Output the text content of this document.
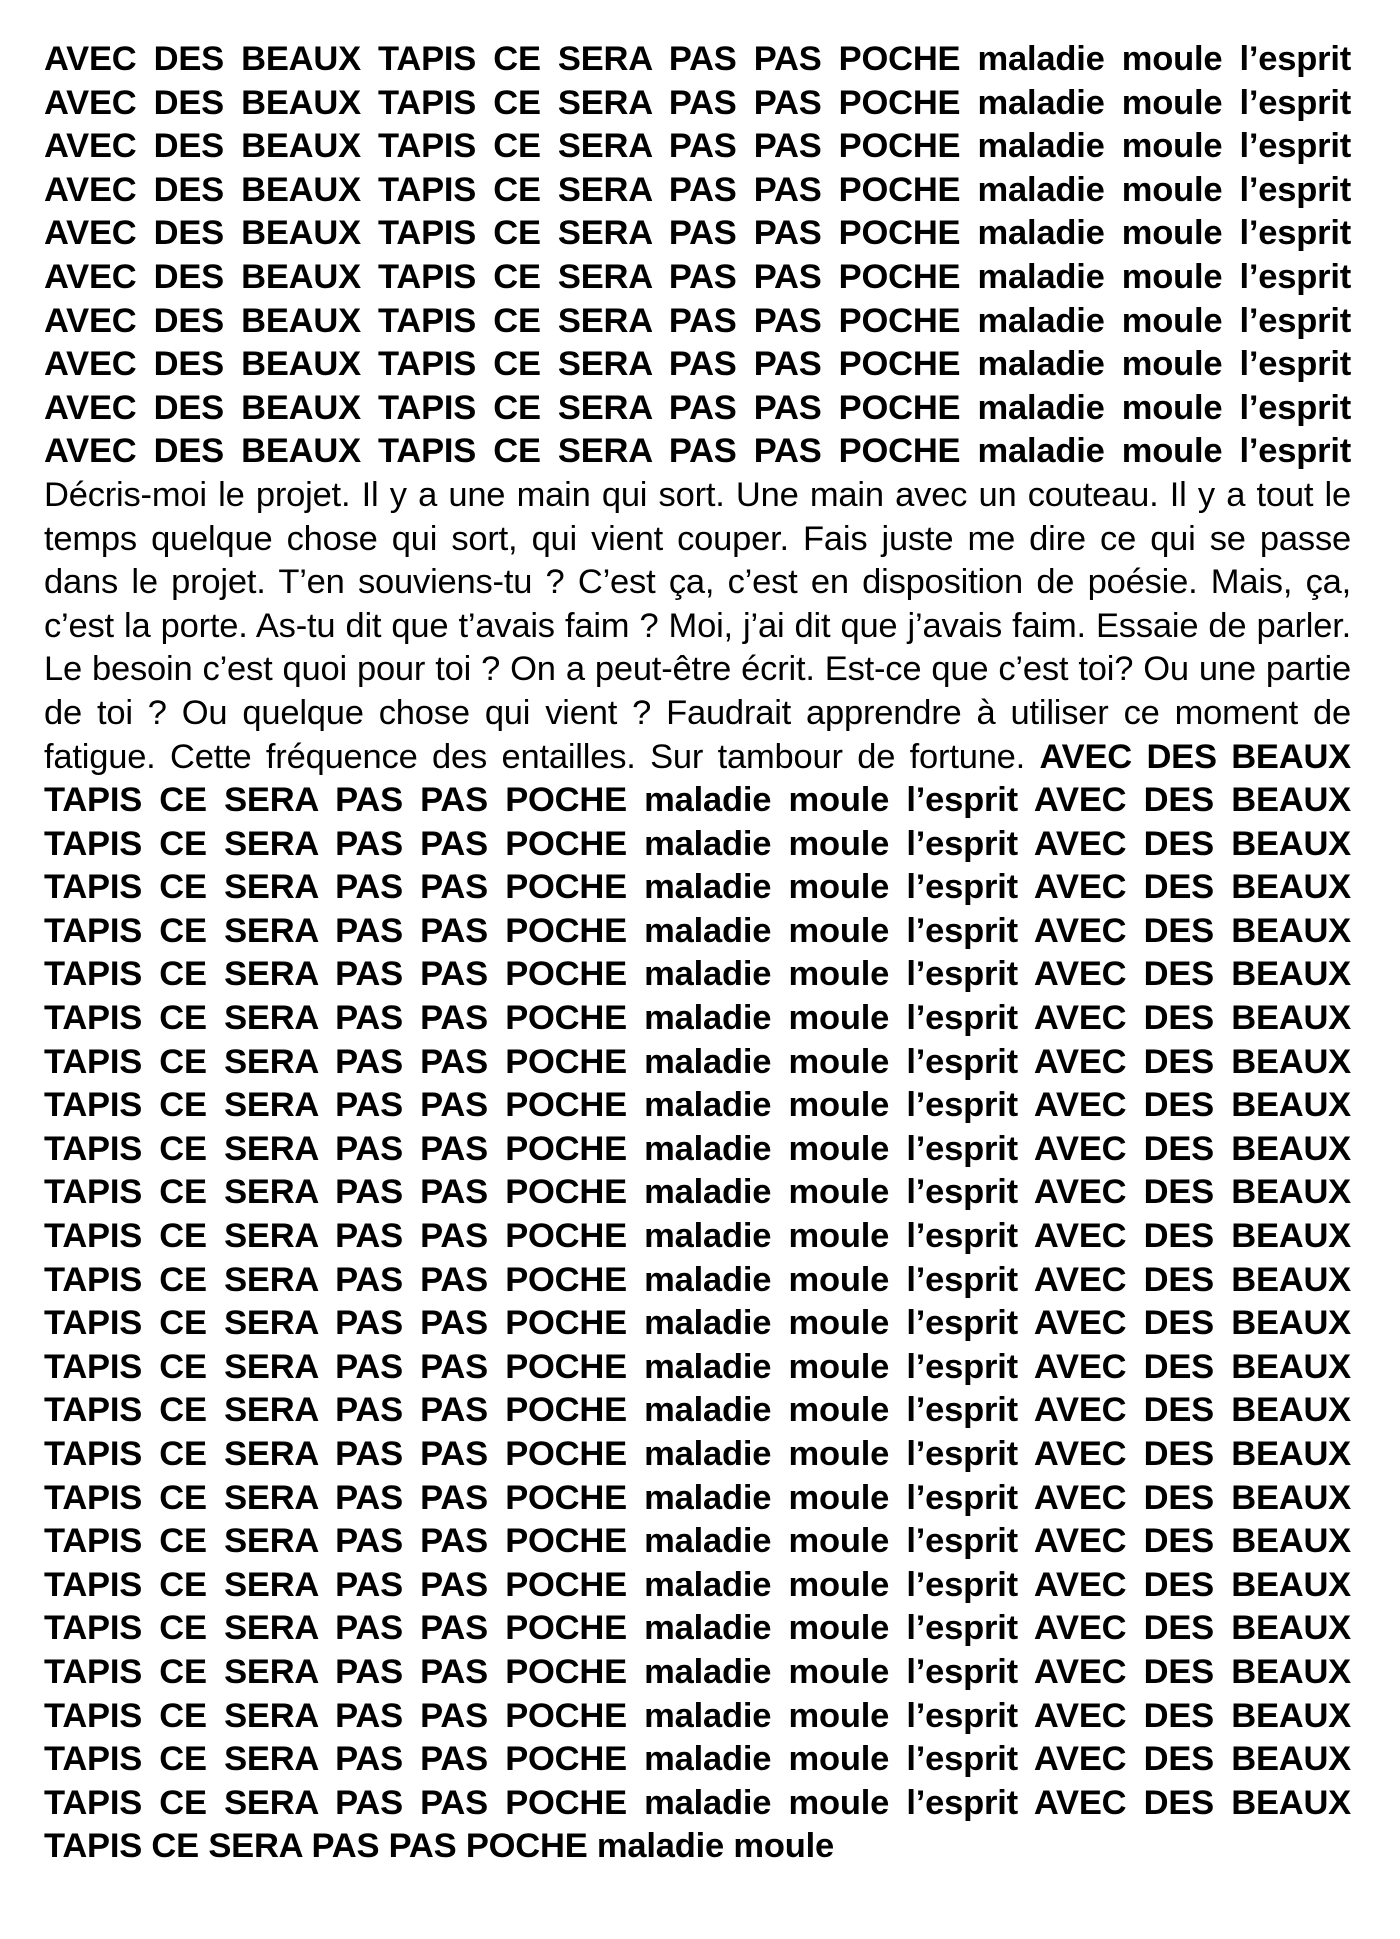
AVEC DES BEAUX TAPIS CE SERA PAS PAS POCHE maladie moule l’esprit AVEC DES BEAUX TAPIS CE SERA PAS PAS POCHE maladie moule l’esprit AVEC DES BEAUX TAPIS CE SERA PAS PAS POCHE maladie moule l’esprit AVEC DES BEAUX TAPIS CE SERA PAS PAS POCHE maladie moule l’esprit AVEC DES BEAUX TAPIS CE SERA PAS PAS POCHE maladie moule l’esprit AVEC DES BEAUX TAPIS CE SERA PAS PAS POCHE maladie moule l’esprit AVEC DES BEAUX TAPIS CE SERA PAS PAS POCHE maladie moule l’esprit AVEC DES BEAUX TAPIS CE SERA PAS PAS POCHE maladie moule l’esprit AVEC DES BEAUX TAPIS CE SERA PAS PAS POCHE maladie moule l’esprit AVEC DES BEAUX TAPIS CE SERA PAS PAS POCHE maladie moule l’esprit Décris-moi le projet. Il y a une main qui sort. Une main avec un couteau. Il y a tout le temps quelque chose qui sort, qui vient couper. Fais juste me dire ce qui se passe dans le projet. T’en souviens-tu ? C’est ça, c’est en disposition de poésie. Mais, ça, c’est la porte. As-tu dit que t’avais faim ? Moi, j’ai dit que j’avais faim. Essaie de parler. Le besoin c’est quoi pour toi ? On a peut-être écrit. Est-ce que c’est toi? Ou une partie de toi ? Ou quelque chose qui vient ? Faudrait apprendre à utiliser ce moment de fatigue. Cette fréquence des entailles. Sur tambour de fortune. AVEC DES BEAUX TAPIS CE SERA PAS PAS POCHE maladie moule l’esprit AVEC DES BEAUX TAPIS CE SERA PAS PAS POCHE maladie moule l’esprit AVEC DES BEAUX TAPIS CE SERA PAS PAS POCHE maladie moule l’esprit AVEC DES BEAUX TAPIS CE SERA PAS PAS POCHE maladie moule l’esprit AVEC DES BEAUX TAPIS CE SERA PAS PAS POCHE maladie moule l’esprit AVEC DES BEAUX TAPIS CE SERA PAS PAS POCHE maladie moule l’esprit AVEC DES BEAUX TAPIS CE SERA PAS PAS POCHE maladie moule l’esprit AVEC DES BEAUX TAPIS CE SERA PAS PAS POCHE maladie moule l’esprit AVEC DES BEAUX TAPIS CE SERA PAS PAS POCHE maladie moule l’esprit AVEC DES BEAUX TAPIS CE SERA PAS PAS POCHE maladie moule l’esprit AVEC DES BEAUX TAPIS CE SERA PAS PAS POCHE maladie moule l’esprit AVEC DES BEAUX TAPIS CE SERA PAS PAS POCHE maladie moule l’esprit AVEC DES BEAUX TAPIS CE SERA PAS PAS POCHE maladie moule l’esprit AVEC DES BEAUX TAPIS CE SERA PAS PAS POCHE maladie moule l’esprit AVEC DES BEAUX TAPIS CE SERA PAS PAS POCHE maladie moule l’esprit AVEC DES BEAUX TAPIS CE SERA PAS PAS POCHE maladie moule l’esprit AVEC DES BEAUX TAPIS CE SERA PAS PAS POCHE maladie moule l’esprit AVEC DES BEAUX TAPIS CE SERA PAS PAS POCHE maladie moule l’esprit AVEC DES BEAUX TAPIS CE SERA PAS PAS POCHE maladie moule l’esprit AVEC DES BEAUX TAPIS CE SERA PAS PAS POCHE maladie moule l’esprit AVEC DES BEAUX TAPIS CE SERA PAS PAS POCHE maladie moule l’esprit AVEC DES BEAUX TAPIS CE SERA PAS PAS POCHE maladie moule l’esprit AVEC DES BEAUX TAPIS CE SERA PAS PAS POCHE maladie moule l’esprit AVEC DES BEAUX TAPIS CE SERA PAS PAS POCHE maladie moule l’esprit AVEC DES BEAUX TAPIS CE SERA PAS PAS POCHE maladie moule
